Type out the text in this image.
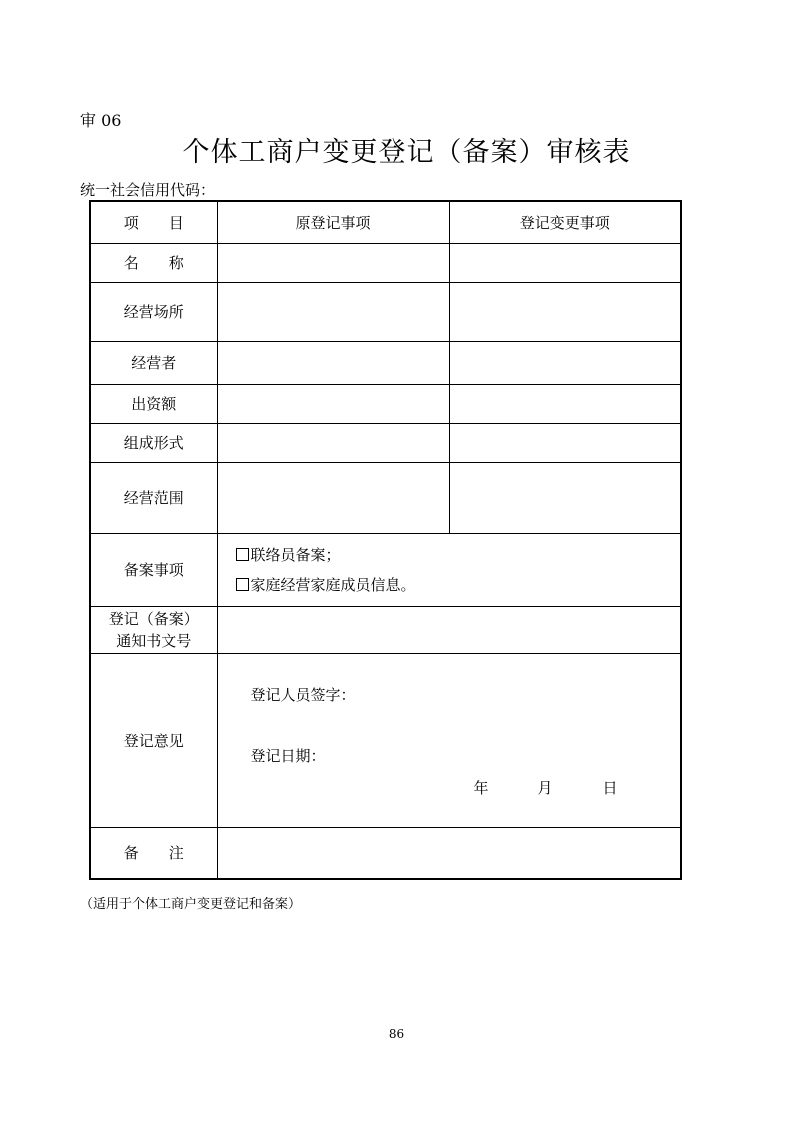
审 06
个体工商户变更登记（备案）审核表
统一社会信用代码：
项　　目	原登记事项	登记变更事项
名　　称		
经营场所		
经营者		
出资额		
组成形式		
经营范围		
备案事项	联络员备案；
家庭经营家庭成员信息。	

登记（备案）
通知书文号		

登记意见	登记人员签字：
登记日期：
年 月 日	

备　　注		
（适用于个体工商户变更登记和备案）
86
